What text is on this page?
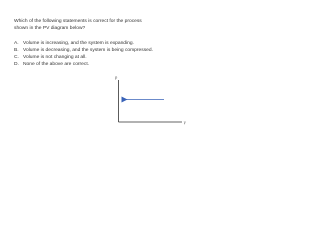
Which of the following statements is correct for the process
shown in the PV diagram below?

A. Volume is increasing, and the system is expanding.
B. Volume is decreasing, and the system is being compressed.
C. Volume is not changing at all.
D. None of the above are correct.
P
V
